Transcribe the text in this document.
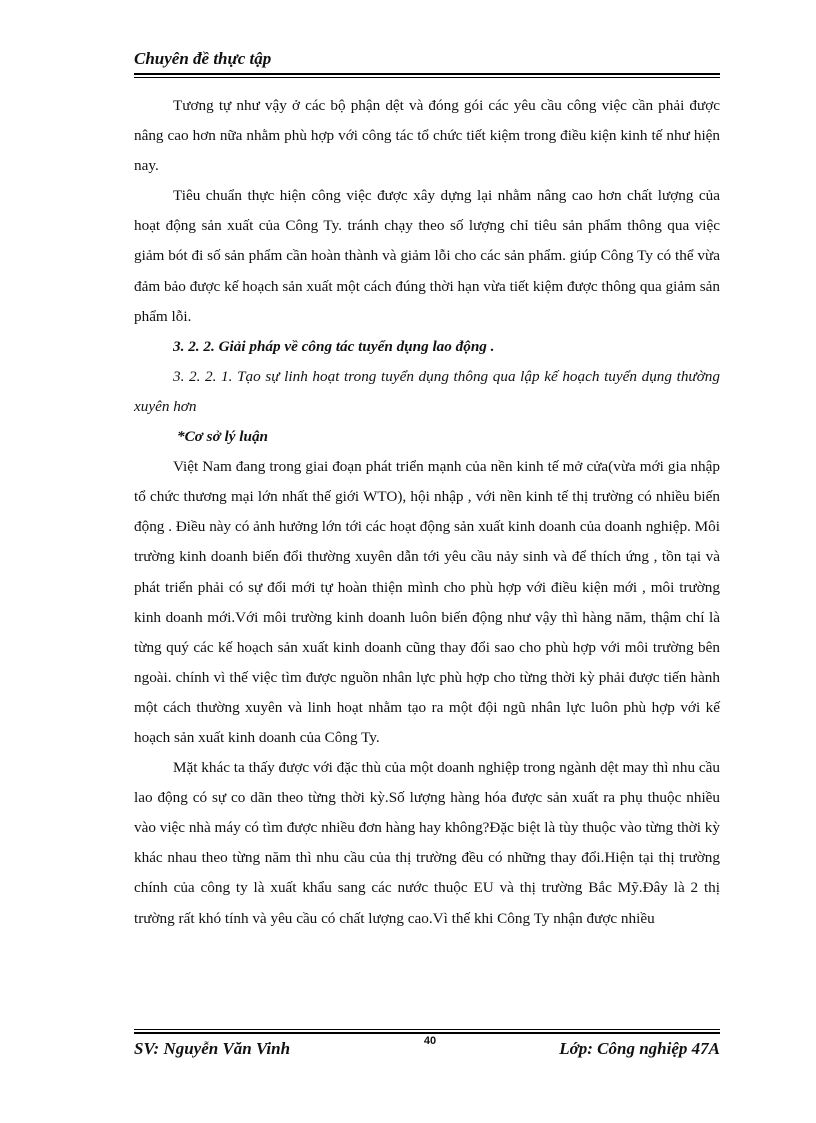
Chuyên đề thực tập

Tương tự như vậy ở các bộ phận dệt và đóng gói các yêu cầu công việc cần phải được nâng cao hơn nữa nhằm phù hợp với công tác tổ chức tiết kiệm trong điều kiện kinh tế như hiện nay.

Tiêu chuẩn thực hiện công việc được xây dựng lại nhằm nâng cao hơn chất lượng của hoạt động sản xuất của Công Ty. tránh chạy theo số lượng chỉ tiêu sản phẩm thông qua việc giảm bót đi số sản phẩm cần hoàn thành và giảm lỗi cho các sản phẩm. giúp Công Ty có thể vừa đảm bảo được kế hoạch sản xuất một cách đúng thời hạn vừa tiết kiệm được thông qua giảm sản phẩm lỗi.

3. 2. 2. Giải pháp về công tác tuyển dụng lao động .

3. 2. 2. 1. Tạo sự linh hoạt trong tuyển dụng thông qua lập kế hoạch tuyển dụng thường xuyên hơn

*Cơ sở lý luận

Việt Nam đang trong giai đoạn phát triển mạnh của nền kinh tế mở cửa(vừa mới gia nhập tổ chức thương mại lớn nhất thế giới WTO), hội nhập , với nền kinh tế thị trường có nhiều biến động . Điều này có ảnh hưởng lớn tới các hoạt động sản xuất kinh doanh của doanh nghiệp. Môi trường kinh doanh biến đổi thường xuyên dẫn tới yêu cầu nảy sinh và để thích ứng , tồn tại và phát triển phải có sự đổi mới tự hoàn thiện mình cho phù hợp với điều kiện mới , môi trường kinh doanh mới.Với môi trường kinh doanh luôn biến động như vậy thì hàng năm, thậm chí là từng quý các kế hoạch sản xuất kinh doanh cũng thay đổi sao cho phù hợp với môi trường bên ngoài. chính vì thế việc tìm được nguồn nhân lực phù hợp cho từng thời kỳ phải được tiến hành một cách thường xuyên và linh hoạt nhằm tạo ra một đội ngũ nhân lực luôn phù hợp với kế hoạch sản xuất kinh doanh của Công Ty.

Mặt khác ta thấy được với đặc thù của một doanh nghiệp trong ngành dệt may thì nhu cầu lao động có sự co dãn theo từng thời kỳ.Số lượng hàng hóa được sản xuất ra phụ thuộc nhiều vào việc nhà máy có tìm được nhiều đơn hàng hay không?Đặc biệt là tùy thuộc vào từng thời kỳ khác nhau theo từng năm thì nhu cầu của thị trường đều có những thay đổi.Hiện tại thị trường chính của công ty là xuất khẩu sang các nước thuộc EU và thị trường Bắc Mỹ.Đây là 2 thị trường rất khó tính và yêu cầu có chất lượng cao.Vì thế khi Công Ty nhận được nhiều

SV: Nguyễn Văn Vinh	40	Lớp: Công nghiệp 47A
